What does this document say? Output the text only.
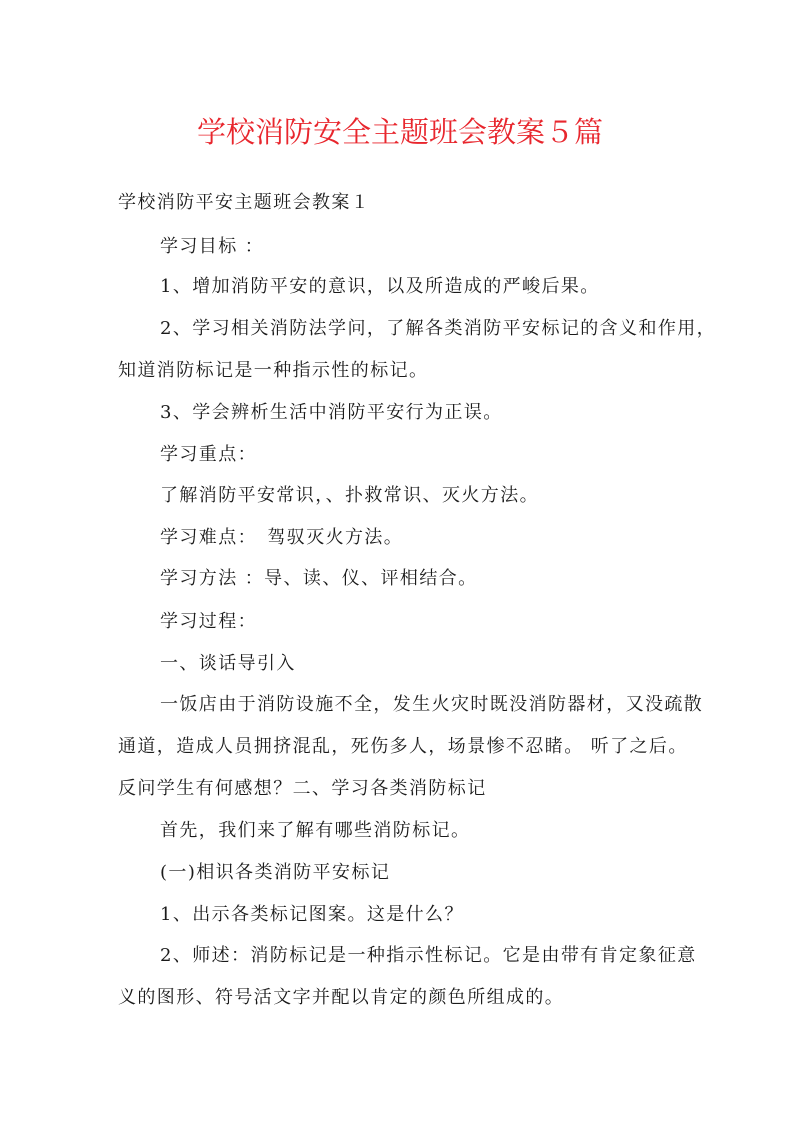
学校消防安全主题班会教案５篇
学校消防平安主题班会教案１
学习目标 ：
1、增加消防平安的意识，以及所造成的严峻后果。
2、学习相关消防法学问，了解各类消防平安标记的含义和作用，
知道消防标记是一种指示性的标记。
3、学会辨析生活中消防平安行为正误。
学习重点：
了解消防平安常识，、扑救常识、灭火方法。
学习难点：　驾驭灭火方法。
学习方法 ：导、读、仪、评相结合。
学习过程：
一、谈话导引入
一饭店由于消防设施不全，发生火灾时既没消防器材，又没疏散
通道，造成人员拥挤混乱，死伤多人，场景惨不忍睹。 听了之后。
反问学生有何感想？二、学习各类消防标记
首先，我们来了解有哪些消防标记。
(一)相识各类消防平安标记
1、出示各类标记图案。这是什么？
2、师述：消防标记是一种指示性标记。它是由带有肯定象征意
义的图形、符号活文字并配以肯定的颜色所组成的。
